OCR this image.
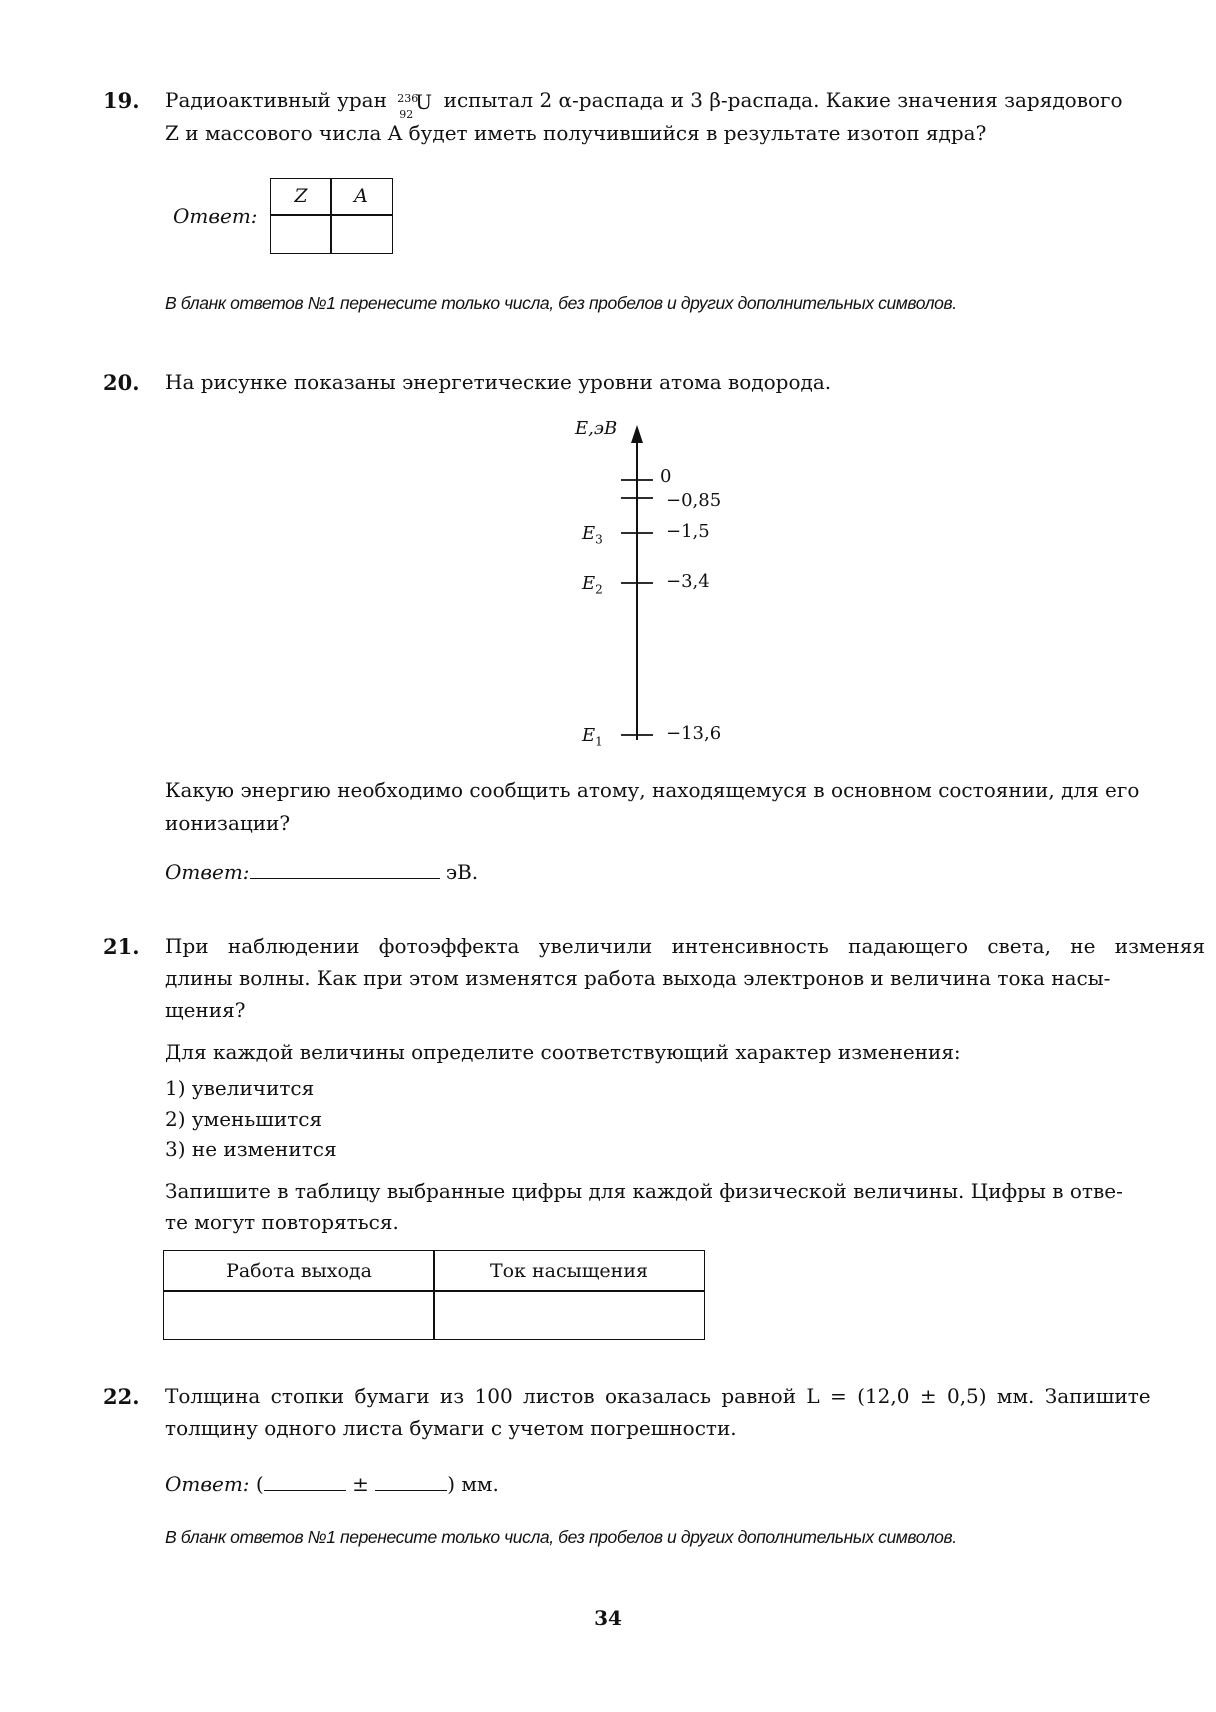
19. Радиоактивный уран 236
92
U испытал 2 α-распада и 3 β-распада. Какие значения зарядового
Z и массового числа A будет иметь получившийся в результате изотоп ядра?
Ответ:
Z	A
В бланк ответов №1 перенесите только числа, без пробелов и других дополнительных символов.
20. На рисунке показаны энергетические уровни атома водорода.
E,эВ
−13,6
$E_1$
−3,4
$E_2$
−1,5
$E_3$
−0,85
0
Какую энергию необходимо сообщить атому, находящемуся в основном состоянии, для его ионизации?
Ответ:	эВ.
21. При наблюдении фотоэффекта увеличили интенсивность падающего света, не изменяя
длины волны. Как при этом изменятся работа выхода электронов и величина тока насы-
щения?
Для каждой величины определите соответствующий характер изменения:
1) увеличится
2) уменьшится
3) не изменится
Запишите в таблицу выбранные цифры для каждой физической величины. Цифры в отве-
те могут повторяться.
Работа выхода	Ток насыщения
22. Толщина стопки бумаги из 100 листов оказалась равной L = (12,0 ± 0,5) мм. Запишите
толщину одного листа бумаги с учетом погрешности.
Ответ: (	±	) мм.
В бланк ответов №1 перенесите только числа, без пробелов и других дополнительных символов.
34
